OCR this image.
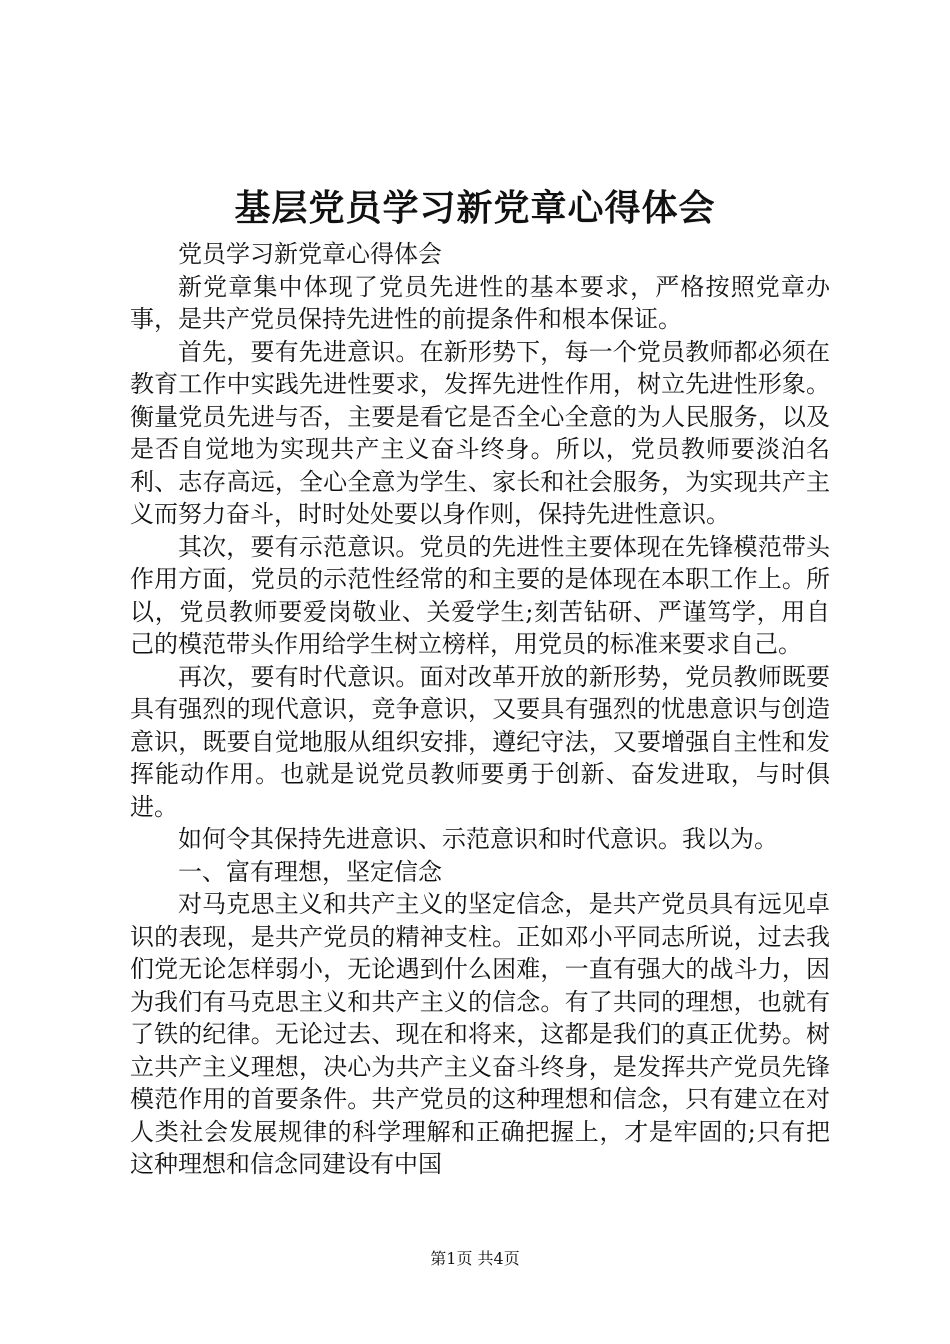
基层党员学习新党章心得体会

党员学习新党章心得体会

新党章集中体现了党员先进性的基本要求，严格按照党章办事，是共产党员保持先进性的前提条件和根本保证。

首先，要有先进意识。在新形势下，每一个党员教师都必须在教育工作中实践先进性要求，发挥先进性作用，树立先进性形象。衡量党员先进与否，主要是看它是否全心全意的为人民服务，以及是否自觉地为实现共产主义奋斗终身。所以，党员教师要淡泊名利、志存高远，全心全意为学生、家长和社会服务，为实现共产主义而努力奋斗，时时处处要以身作则，保持先进性意识。

其次，要有示范意识。党员的先进性主要体现在先锋模范带头作用方面，党员的示范性经常的和主要的是体现在本职工作上。所以，党员教师要爱岗敬业、关爱学生;刻苦钻研、严谨笃学，用自己的模范带头作用给学生树立榜样，用党员的标准来要求自己。

再次，要有时代意识。面对改革开放的新形势，党员教师既要具有强烈的现代意识，竞争意识，又要具有强烈的忧患意识与创造意识，既要自觉地服从组织安排，遵纪守法，又要增强自主性和发挥能动作用。也就是说党员教师要勇于创新、奋发进取，与时俱进。

如何令其保持先进意识、示范意识和时代意识。我以为。

一、富有理想，坚定信念

对马克思主义和共产主义的坚定信念，是共产党员具有远见卓识的表现，是共产党员的精神支柱。正如邓小平同志所说，过去我们党无论怎样弱小，无论遇到什么困难，一直有强大的战斗力，因为我们有马克思主义和共产主义的信念。有了共同的理想，也就有了铁的纪律。无论过去、现在和将来，这都是我们的真正优势。树立共产主义理想，决心为共产主义奋斗终身，是发挥共产党员先锋模范作用的首要条件。共产党员的这种理想和信念，只有建立在对人类社会发展规律的科学理解和正确把握上，才是牢固的;只有把这种理想和信念同建设有中国

第1页 共4页
